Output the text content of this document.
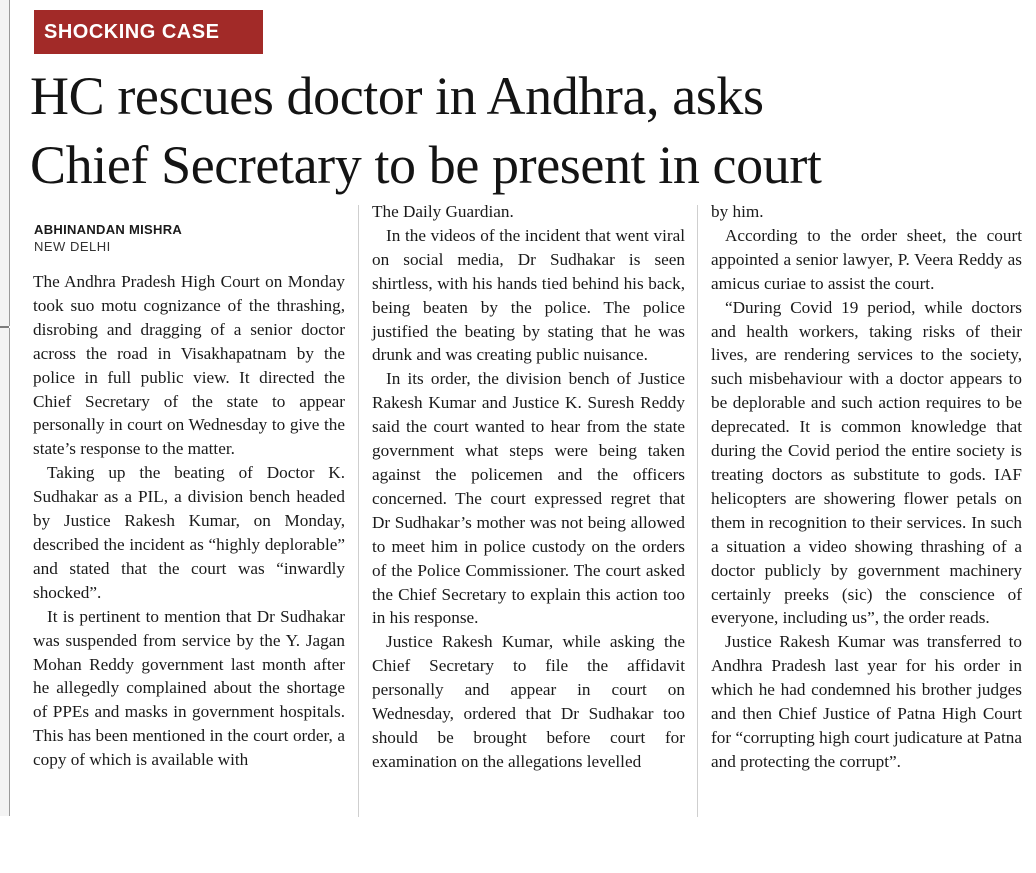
SHOCKING CASE
HC rescues doctor in Andhra, asks
Chief Secretary to be present in court
ABHINANDAN MISHRA
NEW DELHI

The Andhra Pradesh High Court on Monday took suo motu cognizance of the thrashing, disrobing and dragging of a senior doctor across the road in Visakhapatnam by the police in full public view. It directed the Chief Secretary of the state to appear personally in court on Wednesday to give the state’s response to the matter.

Taking up the beating of Doctor K. Sudhakar as a PIL, a division bench headed by Justice Rakesh Kumar, on Monday, described the incident as “highly deplorable” and stated that the court was “inwardly shocked”.

It is pertinent to mention that Dr Sudhakar was suspended from service by the Y. Jagan Mohan Reddy government last month after he allegedly complained about the shortage of PPEs and masks in government hospitals. This has been mentioned in the court order, a copy of which is available with

The Daily Guardian.

In the videos of the incident that went viral on social media, Dr Sudhakar is seen shirtless, with his hands tied behind his back, being beaten by the police. The police justified the beating by stating that he was drunk and was creating public nuisance.

In its order, the division bench of Justice Rakesh Kumar and Justice K. Suresh Reddy said the court wanted to hear from the state government what steps were being taken against the policemen and the officers concerned. The court expressed regret that Dr Sudhakar’s mother was not being allowed to meet him in police custody on the orders of the Police Commissioner. The court asked the Chief Secretary to explain this action too in his response.

Justice Rakesh Kumar, while asking the Chief Secretary to file the affidavit personally and appear in court on Wednesday, ordered that Dr Sudhakar too should be brought before court for examination on the allegations levelled

by him.

According to the order sheet, the court appointed a senior lawyer, P. Veera Reddy as amicus curiae to assist the court.

“During Covid 19 period, while doctors and health workers, taking risks of their lives, are rendering services to the society, such misbehaviour with a doctor appears to be deplorable and such action requires to be deprecated. It is common knowledge that during the Covid period the entire society is treating doctors as substitute to gods. IAF helicopters are showering flower petals on them in recognition to their services. In such a situation a video showing thrashing of a doctor publicly by government machinery certainly preeks (sic) the conscience of everyone, including us”, the order reads.

Justice Rakesh Kumar was transferred to Andhra Pradesh last year for his order in which he had condemned his brother judges and then Chief Justice of Patna High Court for “corrupting high court judicature at Patna and protecting the corrupt”.
